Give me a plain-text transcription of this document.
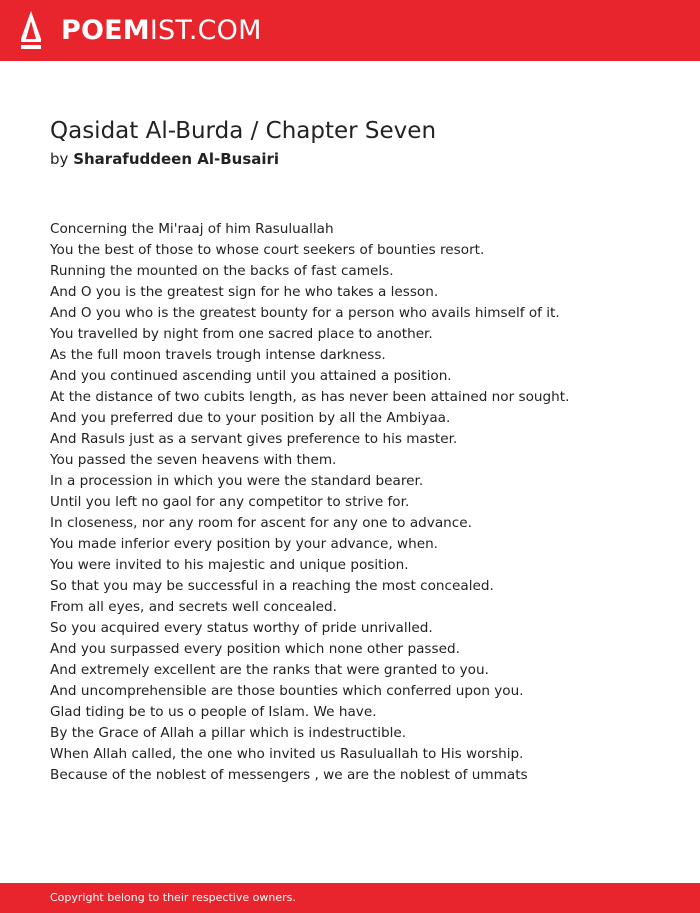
POEMIST.COM
Qasidat Al-Burda / Chapter Seven
by Sharafuddeen Al-Busairi
Concerning the Mi'raaj of him Rasuluallah
You the best of those to whose court seekers of bounties resort.
Running the mounted on the backs of fast camels.
And O you is the greatest sign for he who takes a lesson.
And O you who is the greatest bounty for a person who avails himself of it.
You travelled by night from one sacred place to another.
As the full moon travels trough intense darkness.
And you continued ascending until you attained a position.
At the distance of two cubits length, as has never been attained nor sought.
And you preferred due to your position by all the Ambiyaa.
And Rasuls just as a servant gives preference to his master.
You passed the seven heavens with them.
In a procession in which you were the standard bearer.
Until you left no gaol for any competitor to strive for.
In closeness, nor any room for ascent for any one to advance.
You made inferior every position by your advance, when.
You were invited to his majestic and unique position.
So that you may be successful in a reaching the most concealed.
From all eyes, and secrets well concealed.
So you acquired every status worthy of pride unrivalled.
And you surpassed every position which none other passed.
And extremely excellent are the ranks that were granted to you.
And uncomprehensible are those bounties which conferred upon you.
Glad tiding be to us o people of Islam. We have.
By the Grace of Allah a pillar which is indestructible.
When Allah called, the one who invited us Rasuluallah to His worship.
Because of the noblest of messengers , we are the noblest of ummats
Copyright belong to their respective owners.
